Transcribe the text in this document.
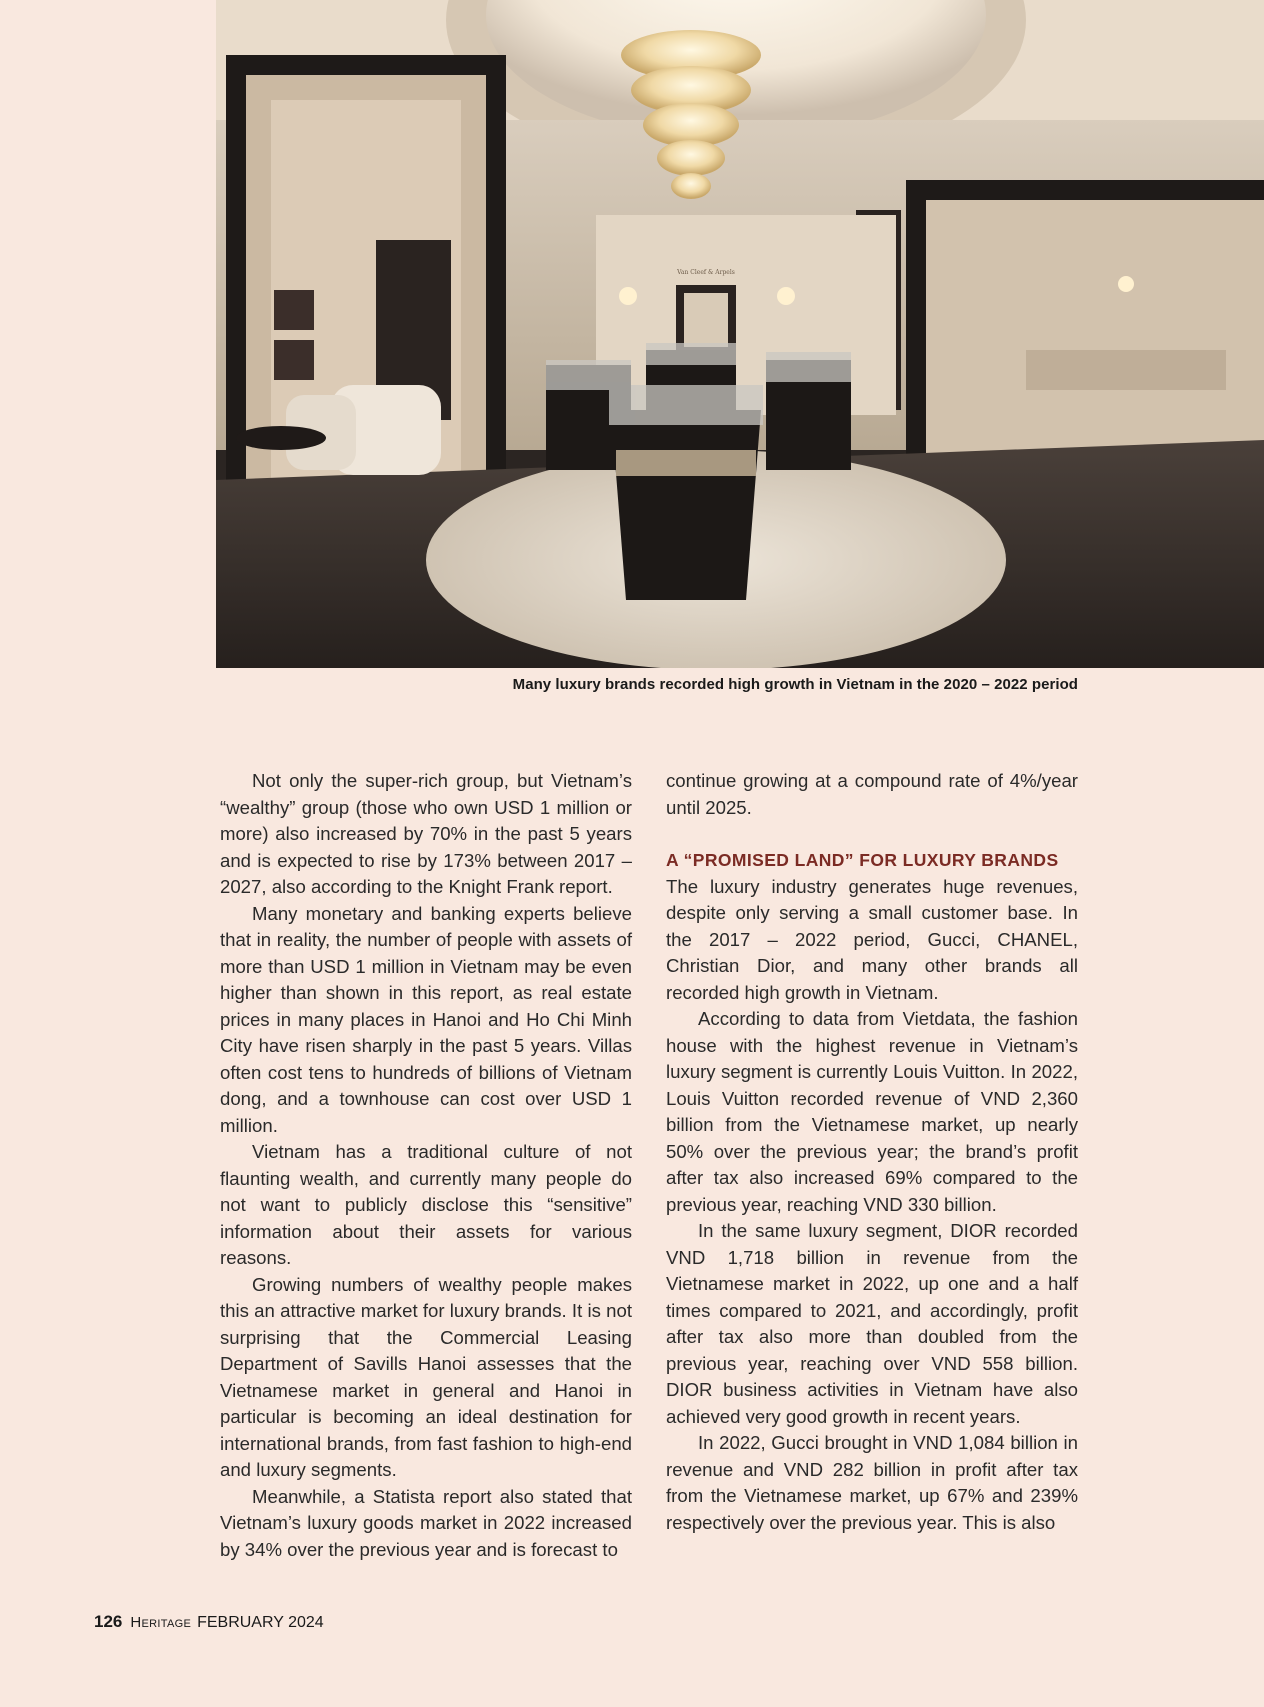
Van Cleef & Arpels
Many luxury brands recorded high growth in Vietnam in the 2020 – 2022 period

Not only the super-rich group, but Vietnam’s “wealthy” group (those who own USD 1 million or more) also increased by 70% in the past 5 years and is expected to rise by 173% between 2017 – 2027, also according to the Knight Frank report.

Many monetary and banking experts believe that in reality, the number of people with assets of more than USD 1 million in Vietnam may be even higher than shown in this report, as real estate prices in many places in Hanoi and Ho Chi Minh City have risen sharply in the past 5 years. Villas often cost tens to hundreds of billions of Vietnam dong, and a townhouse can cost over USD 1 million.

Vietnam has a traditional culture of not flaunting wealth, and currently many people do not want to publicly disclose this “sensitive” information about their assets for various reasons.

Growing numbers of wealthy people makes this an attractive market for luxury brands. It is not surprising that the Commercial Leasing Department of Savills Hanoi assesses that the Vietnamese market in general and Hanoi in particular is becoming an ideal destination for international brands, from fast fashion to high-end and luxury segments.

Meanwhile, a Statista report also stated that Vietnam’s luxury goods market in 2022 increased by 34% over the previous year and is forecast to

continue growing at a compound rate of 4%/year until 2025.

A “PROMISED LAND” FOR LUXURY BRANDS

The luxury industry generates huge revenues, despite only serving a small customer base. In the 2017 – 2022 period, Gucci, CHANEL, Christian Dior, and many other brands all recorded high growth in Vietnam.

According to data from Vietdata, the fashion house with the highest revenue in Vietnam’s luxury segment is currently Louis Vuitton. In 2022, Louis Vuitton recorded revenue of VND 2,360 billion from the Vietnamese market, up nearly 50% over the previous year; the brand’s profit after tax also increased 69% compared to the previous year, reaching VND 330 billion.

In the same luxury segment, DIOR recorded VND 1,718 billion in revenue from the Vietnamese market in 2022, up one and a half times compared to 2021, and accordingly, profit after tax also more than doubled from the previous year, reaching over VND 558 billion. DIOR business activities in Vietnam have also achieved very good growth in recent years.

In 2022, Gucci brought in VND 1,084 billion in revenue and VND 282 billion in profit after tax from the Vietnamese market, up 67% and 239% respectively over the previous year. This is also

126 Heritage FEBRUARY 2024
